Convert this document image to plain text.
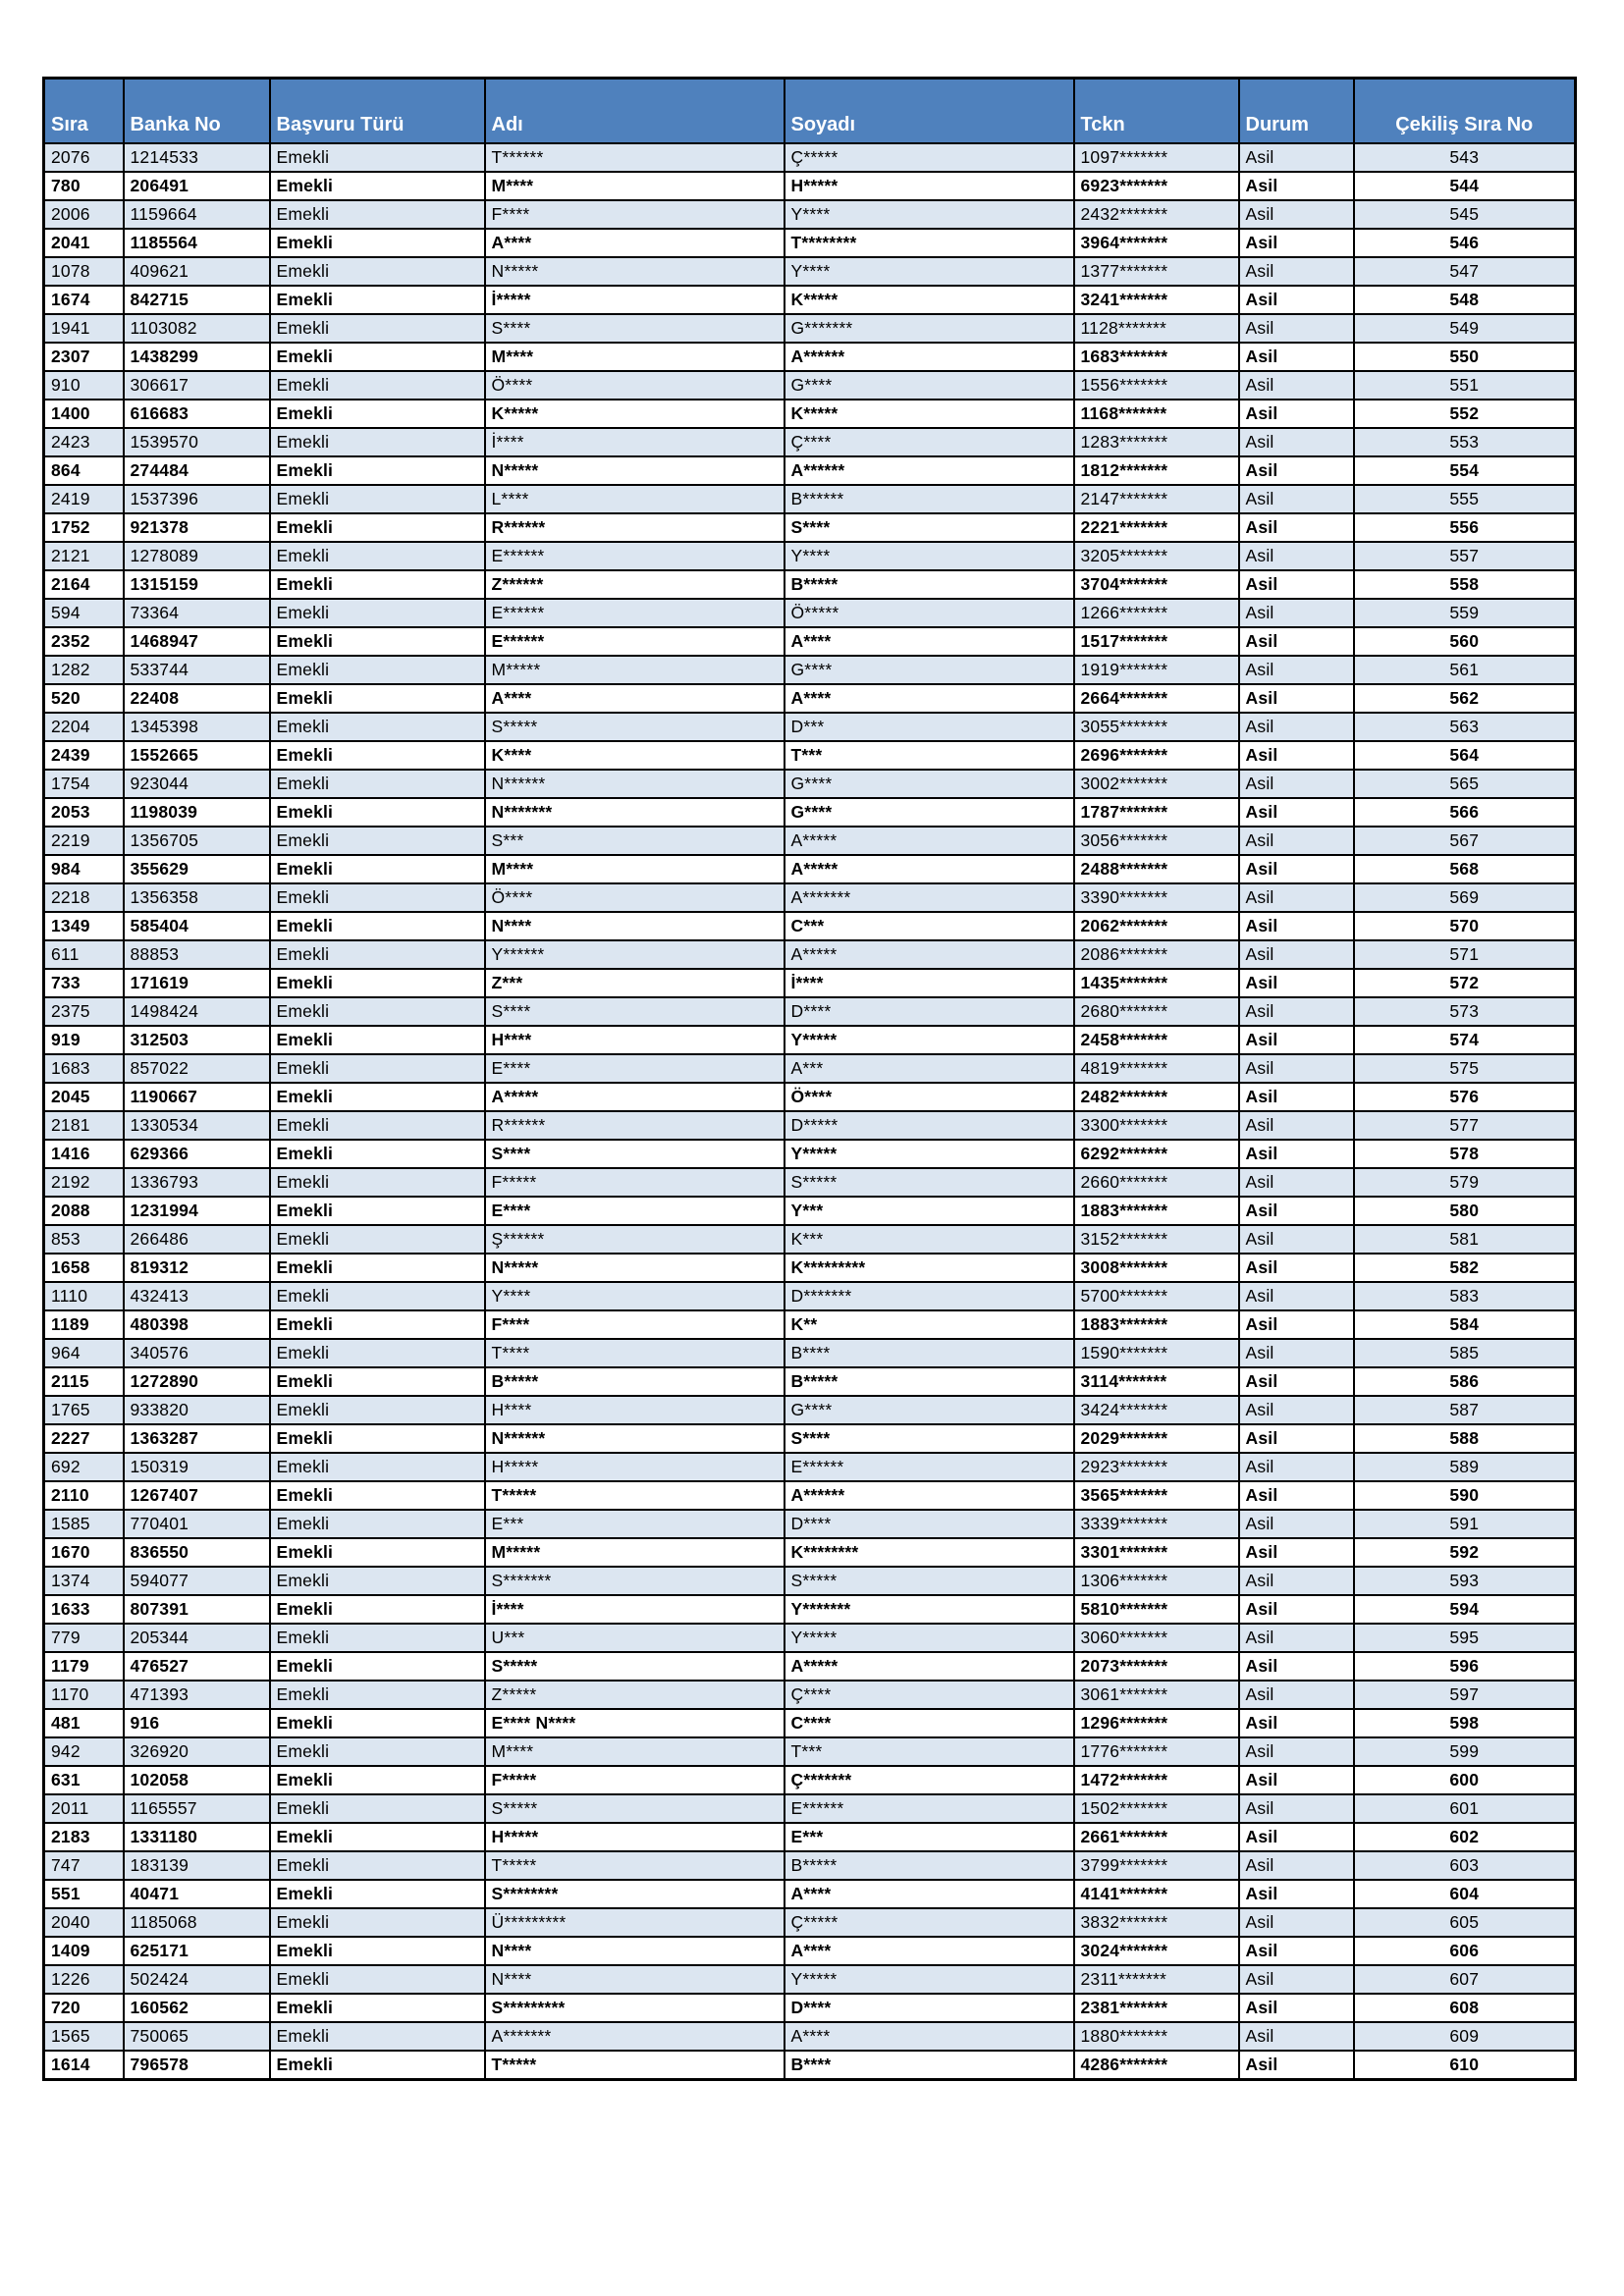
Sıra	Banka No	Başvuru Türü	Adı	Soyadı	Tckn	Durum	Çekiliş Sıra No
2076	1214533	Emekli	T******	Ç*****	1097*******	Asil	543
780	206491	Emekli	M****	H*****	6923*******	Asil	544
2006	1159664	Emekli	F****	Y****	2432*******	Asil	545
2041	1185564	Emekli	A****	T********	3964*******	Asil	546
1078	409621	Emekli	N*****	Y****	1377*******	Asil	547
1674	842715	Emekli	İ*****	K*****	3241*******	Asil	548
1941	1103082	Emekli	S****	G*******	1128*******	Asil	549
2307	1438299	Emekli	M****	A******	1683*******	Asil	550
910	306617	Emekli	Ö****	G****	1556*******	Asil	551
1400	616683	Emekli	K*****	K*****	1168*******	Asil	552
2423	1539570	Emekli	İ****	Ç****	1283*******	Asil	553
864	274484	Emekli	N*****	A******	1812*******	Asil	554
2419	1537396	Emekli	L****	B******	2147*******	Asil	555
1752	921378	Emekli	R******	S****	2221*******	Asil	556
2121	1278089	Emekli	E******	Y****	3205*******	Asil	557
2164	1315159	Emekli	Z******	B*****	3704*******	Asil	558
594	73364	Emekli	E******	Ö*****	1266*******	Asil	559
2352	1468947	Emekli	E******	A****	1517*******	Asil	560
1282	533744	Emekli	M*****	G****	1919*******	Asil	561
520	22408	Emekli	A****	A****	2664*******	Asil	562
2204	1345398	Emekli	S*****	D***	3055*******	Asil	563
2439	1552665	Emekli	K****	T***	2696*******	Asil	564
1754	923044	Emekli	N******	G****	3002*******	Asil	565
2053	1198039	Emekli	N*******	G****	1787*******	Asil	566
2219	1356705	Emekli	S***	A*****	3056*******	Asil	567
984	355629	Emekli	M****	A*****	2488*******	Asil	568
2218	1356358	Emekli	Ö****	A*******	3390*******	Asil	569
1349	585404	Emekli	N****	C***	2062*******	Asil	570
611	88853	Emekli	Y******	A*****	2086*******	Asil	571
733	171619	Emekli	Z***	İ****	1435*******	Asil	572
2375	1498424	Emekli	S****	D****	2680*******	Asil	573
919	312503	Emekli	H****	Y*****	2458*******	Asil	574
1683	857022	Emekli	E****	A***	4819*******	Asil	575
2045	1190667	Emekli	A*****	Ö****	2482*******	Asil	576
2181	1330534	Emekli	R******	D*****	3300*******	Asil	577
1416	629366	Emekli	S****	Y*****	6292*******	Asil	578
2192	1336793	Emekli	F*****	S*****	2660*******	Asil	579
2088	1231994	Emekli	E****	Y***	1883*******	Asil	580
853	266486	Emekli	Ş******	K***	3152*******	Asil	581
1658	819312	Emekli	N*****	K*********	3008*******	Asil	582
1110	432413	Emekli	Y****	D*******	5700*******	Asil	583
1189	480398	Emekli	F****	K**	1883*******	Asil	584
964	340576	Emekli	T****	B****	1590*******	Asil	585
2115	1272890	Emekli	B*****	B*****	3114*******	Asil	586
1765	933820	Emekli	H****	G****	3424*******	Asil	587
2227	1363287	Emekli	N******	S****	2029*******	Asil	588
692	150319	Emekli	H*****	E******	2923*******	Asil	589
2110	1267407	Emekli	T*****	A******	3565*******	Asil	590
1585	770401	Emekli	E***	D****	3339*******	Asil	591
1670	836550	Emekli	M*****	K********	3301*******	Asil	592
1374	594077	Emekli	S*******	S*****	1306*******	Asil	593
1633	807391	Emekli	İ****	Y*******	5810*******	Asil	594
779	205344	Emekli	U***	Y*****	3060*******	Asil	595
1179	476527	Emekli	S*****	A*****	2073*******	Asil	596
1170	471393	Emekli	Z*****	Ç****	3061*******	Asil	597
481	916	Emekli	E**** N****	C****	1296*******	Asil	598
942	326920	Emekli	M****	T***	1776*******	Asil	599
631	102058	Emekli	F*****	Ç*******	1472*******	Asil	600
2011	1165557	Emekli	S*****	E******	1502*******	Asil	601
2183	1331180	Emekli	H*****	E***	2661*******	Asil	602
747	183139	Emekli	T*****	B*****	3799*******	Asil	603
551	40471	Emekli	S********	A****	4141*******	Asil	604
2040	1185068	Emekli	Ü*********	Ç*****	3832*******	Asil	605
1409	625171	Emekli	N****	A****	3024*******	Asil	606
1226	502424	Emekli	N****	Y*****	2311*******	Asil	607
720	160562	Emekli	S*********	D****	2381*******	Asil	608
1565	750065	Emekli	A*******	A****	1880*******	Asil	609
1614	796578	Emekli	T*****	B****	4286*******	Asil	610
